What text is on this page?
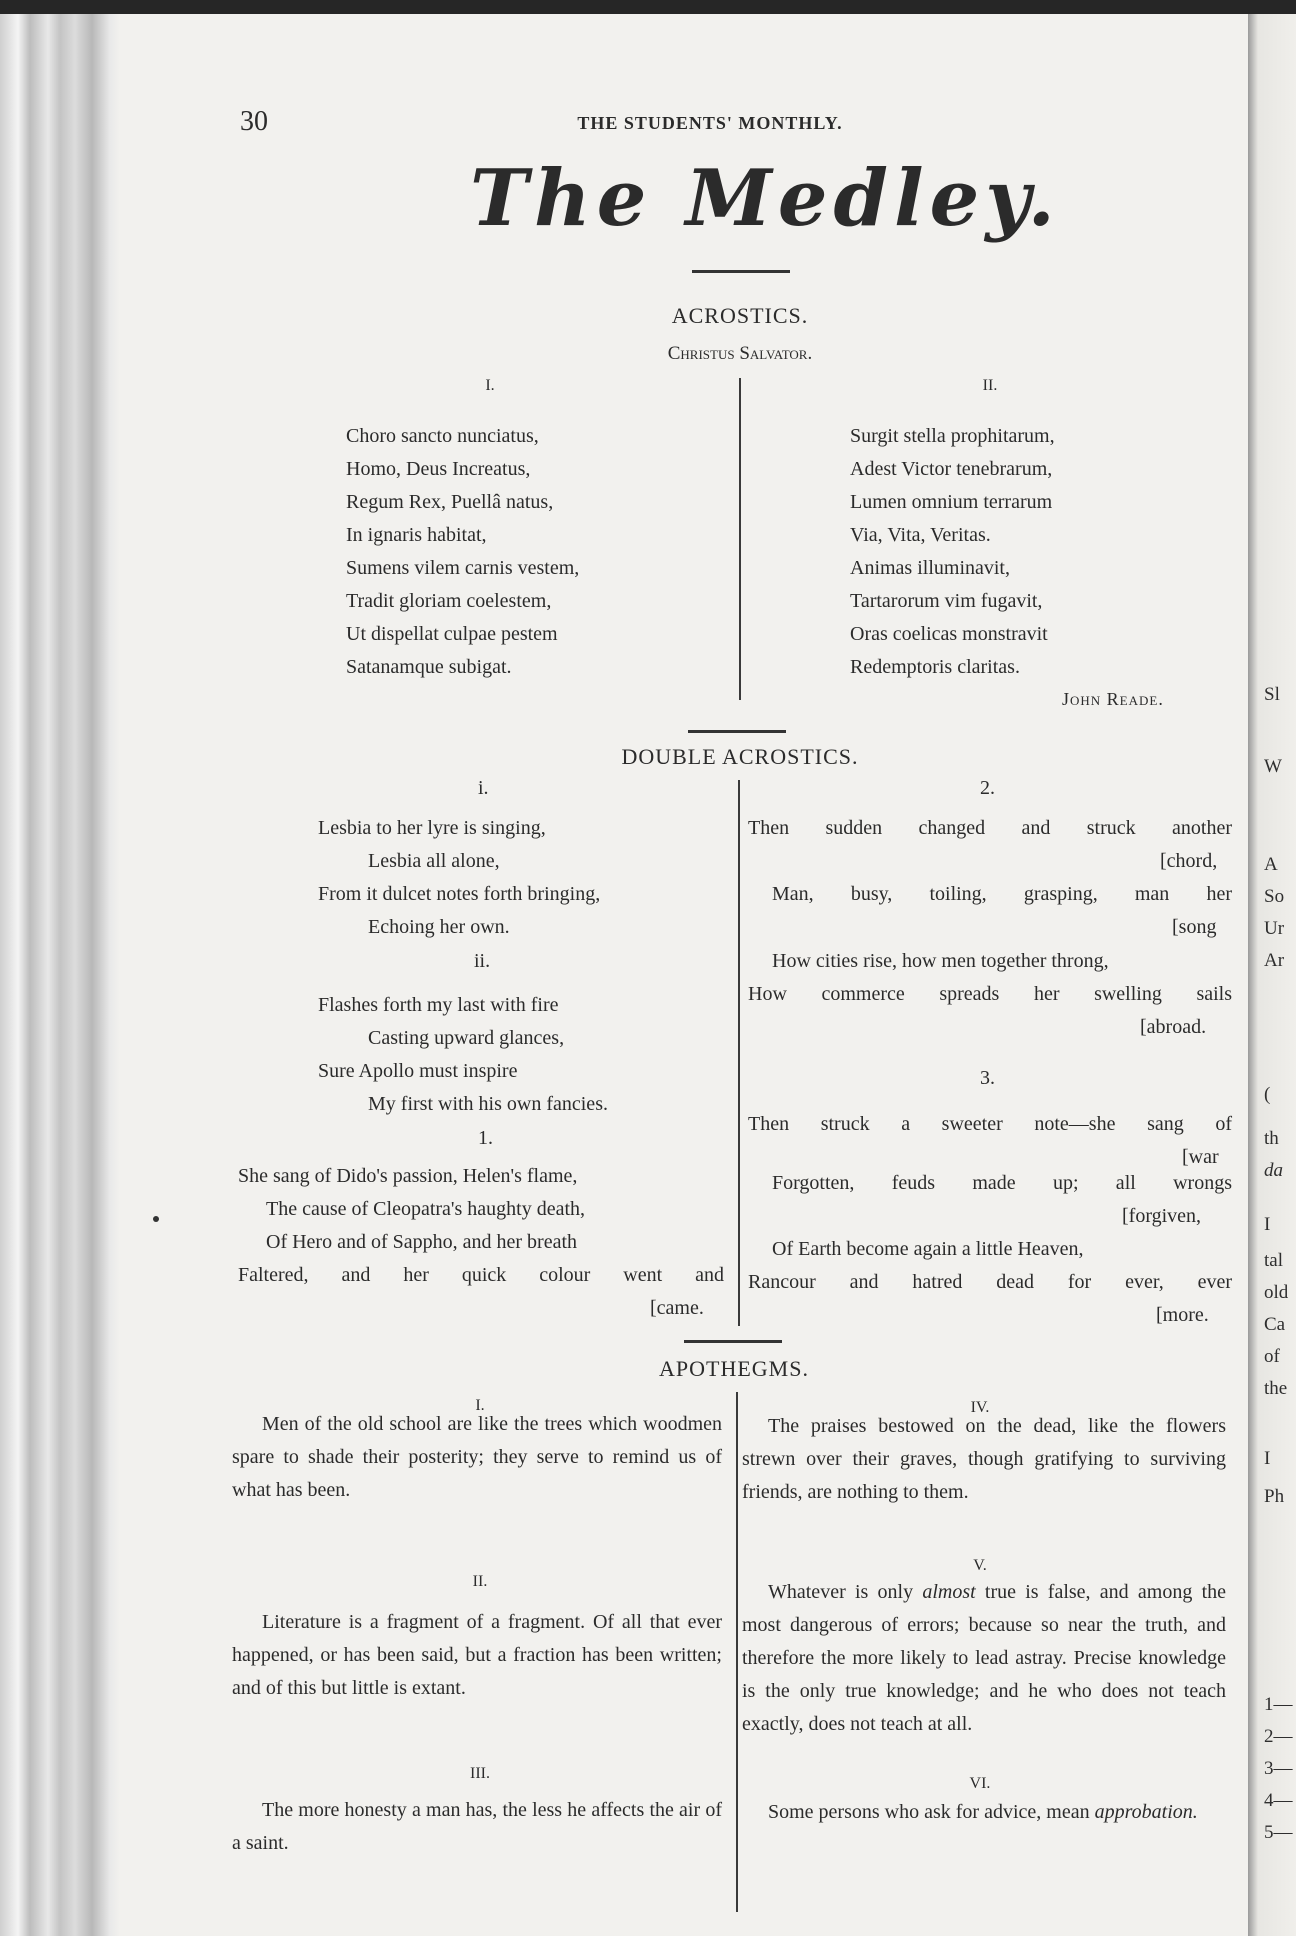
30	THE STUDENTS' MONTHLY.
The Medley.
ACROSTICS.
Christus Salvator.
I.	II.
Choro sancto nunciatus,
Homo, Deus Increatus,
Regum Rex, Puellâ natus,
In ignaris habitat,
Sumens vilem carnis vestem,
Tradit gloriam coelestem,
Ut dispellat culpae pestem
Satanamque subigat.
Surgit stella prophitarum,
Adest Victor tenebrarum,
Lumen omnium terrarum
Via, Vita, Veritas.
Animas illuminavit,
Tartarorum vim fugavit,
Oras coelicas monstravit
Redemptoris claritas.
John Reade.
DOUBLE ACROSTICS.
i.
Lesbia to her lyre is singing,
Lesbia all alone,
From it dulcet notes forth bringing,
Echoing her own.
ii.
Flashes forth my last with fire
Casting upward glances,
Sure Apollo must inspire
My first with his own fancies.
1.
She sang of Dido's passion, Helen's flame,
The cause of Cleopatra's haughty death,
Of Hero and of Sappho, and her breath
Faltered, and her quick colour went and
[came.
2.
Then sudden changed and struck another
[chord,
Man, busy, toiling, grasping, man her
[song
How cities rise, how men together throng,
How commerce spreads her swelling sails
[abroad.
3.
Then struck a sweeter note—she sang of
[war
Forgotten, feuds made up; all wrongs
[forgiven,
Of Earth become again a little Heaven,
Rancour and hatred dead for ever, ever
[more.
APOTHEGMS.
I.

Men of the old school are like the trees which woodmen spare to shade their posterity; they serve to remind us of what has been.

II.

Literature is a fragment of a fragment. Of all that ever happened, or has been said, but a fraction has been written; and of this but little is extant.

III.

The more honesty a man has, the less he affects the air of a saint.

IV.

The praises bestowed on the dead, like the flowers strewn over their graves, though gratifying to surviving friends, are nothing to them.

V.

Whatever is only almost true is false, and among the most dangerous of errors; because so near the truth, and therefore the more likely to lead astray. Precise knowledge is the only true knowledge; and he who does not teach exactly, does not teach at all.

VI.

Some persons who ask for advice, mean approbation.

Sl
W
A
So
Ur
Ar
(
th
da
I
tal
old
Ca
of
the
I
Ph
1—
2—
3—
4—
5—
